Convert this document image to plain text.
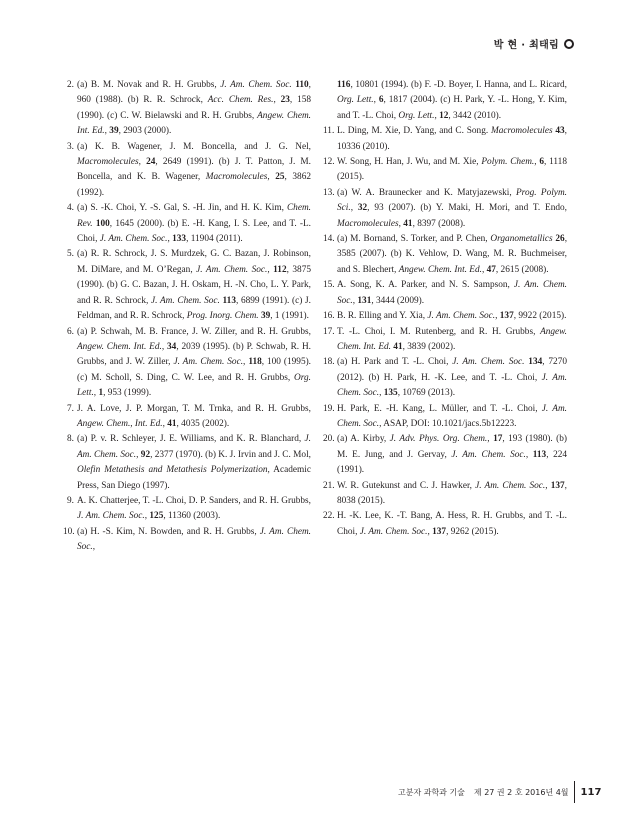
박 현 · 최태림
2. (a) B. M. Novak and R. H. Grubbs, J. Am. Chem. Soc. 110, 960 (1988). (b) R. R. Schrock, Acc. Chem. Res., 23, 158 (1990). (c) C. W. Bielawski and R. H. Grubbs, Angew. Chem. Int. Ed., 39, 2903 (2000).
3. (a) K. B. Wagener, J. M. Boncella, and J. G. Nel, Macromolecules, 24, 2649 (1991). (b) J. T. Patton, J. M. Boncella, and K. B. Wagener, Macromolecules, 25, 3862 (1992).
4. (a) S. -K. Choi, Y. -S. Gal, S. -H. Jin, and H. K. Kim, Chem. Rev. 100, 1645 (2000). (b) E. -H. Kang, I. S. Lee, and T. -L. Choi, J. Am. Chem. Soc., 133, 11904 (2011).
5. (a) R. R. Schrock, J. S. Murdzek, G. C. Bazan, J. Robinson, M. DiMare, and M. O’Regan, J. Am. Chem. Soc., 112, 3875 (1990). (b) G. C. Bazan, J. H. Oskam, H. -N. Cho, L. Y. Park, and R. R. Schrock, J. Am. Chem. Soc. 113, 6899 (1991). (c) J. Feldman, and R. R. Schrock, Prog. Inorg. Chem. 39, 1 (1991).
6. (a) P. Schwah, M. B. France, J. W. Ziller, and R. H. Grubbs, Angew. Chem. Int. Ed., 34, 2039 (1995). (b) P. Schwab, R. H. Grubbs, and J. W. Ziller, J. Am. Chem. Soc., 118, 100 (1995). (c) M. Scholl, S. Ding, C. W. Lee, and R. H. Grubbs, Org. Lett., 1, 953 (1999).
7. J. A. Love, J. P. Morgan, T. M. Trnka, and R. H. Grubbs, Angew. Chem., Int. Ed., 41, 4035 (2002).
8. (a) P. v. R. Schleyer, J. E. Williams, and K. R. Blanchard, J. Am. Chem. Soc., 92, 2377 (1970). (b) K. J. Irvin and J. C. Mol, Olefin Metathesis and Metathesis Polymerization, Academic Press, San Diego (1997).
9. A. K. Chatterjee, T. -L. Choi, D. P. Sanders, and R. H. Grubbs, J. Am. Chem. Soc., 125, 11360 (2003).
10. (a) H. -S. Kim, N. Bowden, and R. H. Grubbs, J. Am. Chem. Soc.,
116, 10801 (1994). (b) F. -D. Boyer, I. Hanna, and L. Ricard, Org. Lett., 6, 1817 (2004). (c) H. Park, Y. -L. Hong, Y. Kim, and T. -L. Choi, Org. Lett., 12, 3442 (2010).
11. L. Ding, M. Xie, D. Yang, and C. Song. Macromolecules 43, 10336 (2010).
12. W. Song, H. Han, J. Wu, and M. Xie, Polym. Chem., 6, 1118 (2015).
13. (a) W. A. Braunecker and K. Matyjazewski, Prog. Polym. Sci., 32, 93 (2007). (b) Y. Maki, H. Mori, and T. Endo, Macromolecules, 41, 8397 (2008).
14. (a) M. Bornand, S. Torker, and P. Chen, Organometallics 26, 3585 (2007). (b) K. Vehlow, D. Wang, M. R. Buchmeiser, and S. Blechert, Angew. Chem. Int. Ed., 47, 2615 (2008).
15. A. Song, K. A. Parker, and N. S. Sampson, J. Am. Chem. Soc., 131, 3444 (2009).
16. B. R. Elling and Y. Xia, J. Am. Chem. Soc., 137, 9922 (2015).
17. T. -L. Choi, I. M. Rutenberg, and R. H. Grubbs, Angew. Chem. Int. Ed. 41, 3839 (2002).
18. (a) H. Park and T. -L. Choi, J. Am. Chem. Soc. 134, 7270 (2012). (b) H. Park, H. -K. Lee, and T. -L. Choi, J. Am. Chem. Soc., 135, 10769 (2013).
19. H. Park, E. -H. Kang, L. Müller, and T. -L. Choi, J. Am. Chem. Soc., ASAP, DOI: 10.1021/jacs.5b12223.
20. (a) A. Kirby, J. Adv. Phys. Org. Chem., 17, 193 (1980). (b) M. E. Jung, and J. Gervay, J. Am. Chem. Soc., 113, 224 (1991).
21. W. R. Gutekunst and C. J. Hawker, J. Am. Chem. Soc., 137, 8038 (2015).
22. H. -K. Lee, K. -T. Bang, A. Hess, R. H. Grubbs, and T. -L. Choi, J. Am. Chem. Soc., 137, 9262 (2015).
고분자 과학과 기술 제 27 권 2 호 2016년 4월 117
